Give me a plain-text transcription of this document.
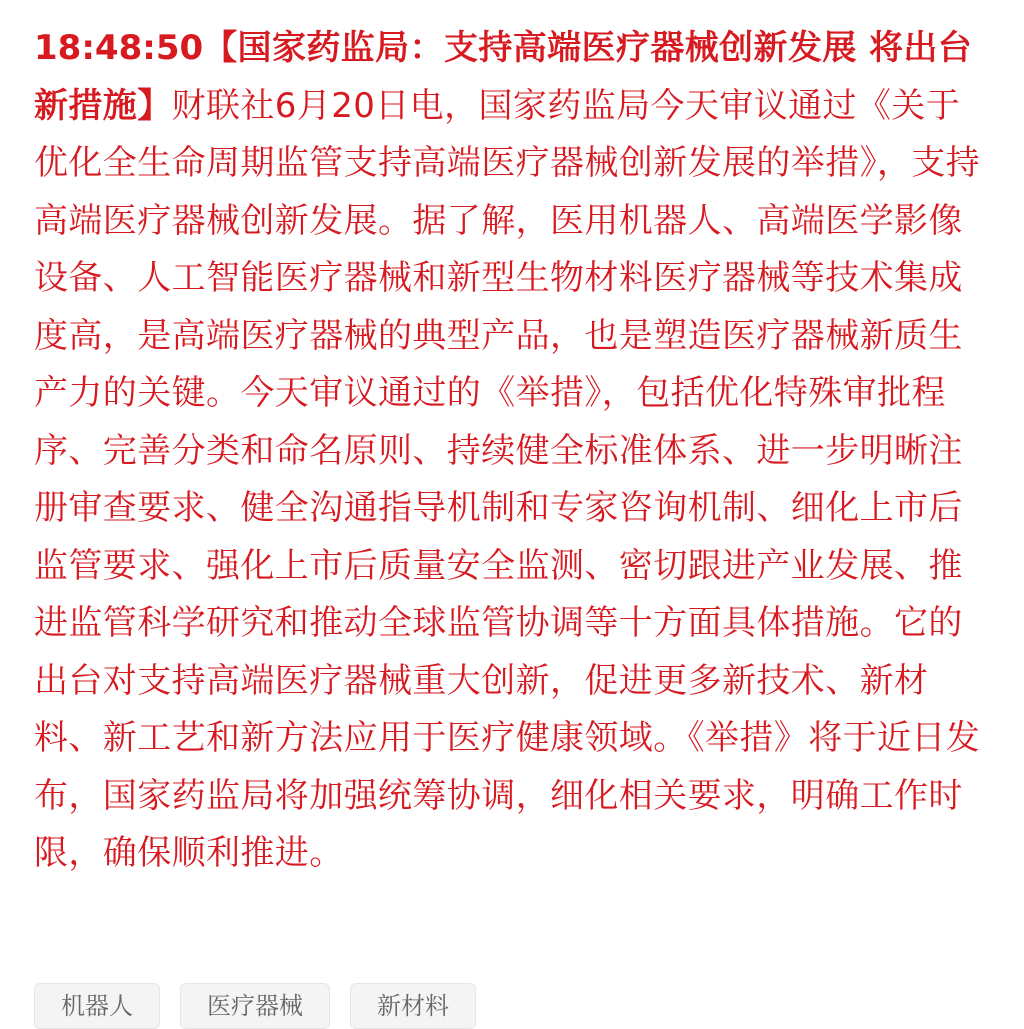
18:48:50【国家药监局：支持高端医疗器械创新发展 将出台新措施】财联社6月20日电，国家药监局今天审议通过《关于优化全生命周期监管支持高端医疗器械创新发展的举措》，支持高端医疗器械创新发展。据了解，医用机器人、高端医学影像设备、人工智能医疗器械和新型生物材料医疗器械等技术集成度高，是高端医疗器械的典型产品，也是塑造医疗器械新质生产力的关键。今天审议通过的《举措》，包括优化特殊审批程序、完善分类和命名原则、持续健全标准体系、进一步明晰注册审查要求、健全沟通指导机制和专家咨询机制、细化上市后监管要求、强化上市后质量安全监测、密切跟进产业发展、推进监管科学研究和推动全球监管协调等十方面具体措施。它的出台对支持高端医疗器械重大创新，促进更多新技术、新材料、新工艺和新方法应用于医疗健康领域。《举措》将于近日发布，国家药监局将加强统筹协调，细化相关要求，明确工作时限，确保顺利推进。

机器人	医疗器械	新材料
